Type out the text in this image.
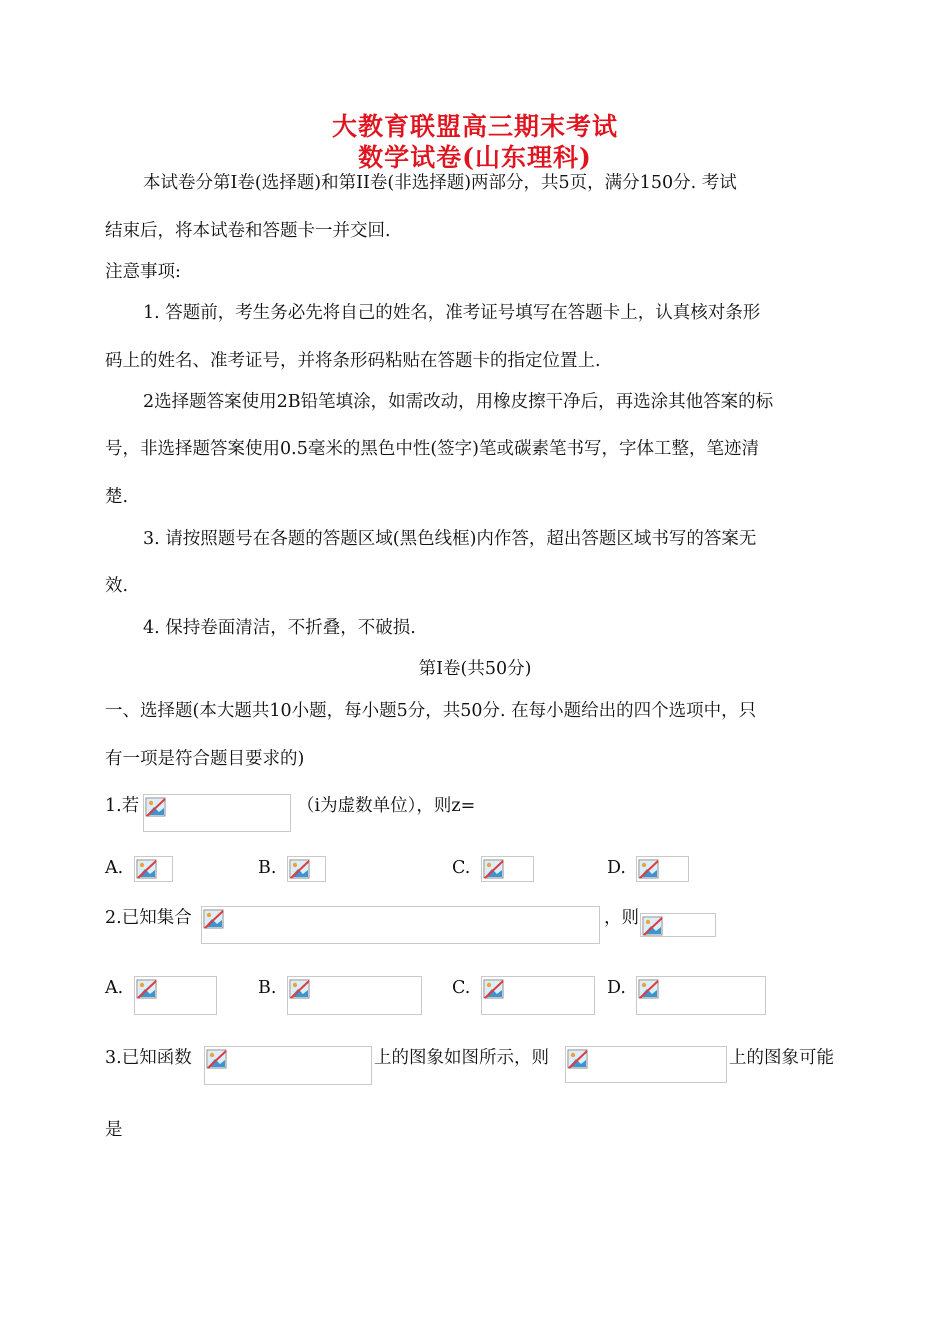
大教育联盟高三期末考试
数学试卷(山东理科)
本试卷分第Ⅰ卷(选择题)和第II卷(非选择题)两部分，共5页，满分150分. 考试
结束后，将本试卷和答题卡一并交回.
注意事项:
1. 答题前，考生务必先将自己的姓名，准考证号填写在答题卡上，认真核对条形
码上的姓名、准考证号，并将条形码粘贴在答题卡的指定位置上.
2选择题答案使用2B铅笔填涂，如需改动，用橡皮擦干净后，再选涂其他答案的标
号，非选择题答案使用0.5毫米的黑色中性(签字)笔或碳素笔书写，字体工整，笔迹清
楚.
3. 请按照题号在各题的答题区域(黑色线框)内作答，超出答题区域书写的答案无
效.
4. 保持卷面清洁，不折叠，不破损.
第Ⅰ卷(共50分)
一、选择题(本大题共10小题，每小题5分，共50分. 在每小题给出的四个选项中，只
有一项是符合题目要求的)
1.若	（i为虚数单位），则z=
A.	B.	C.	D.
2.已知集合	，则
A.	B.	C.	D.
3.已知函数	上的图象如图所示，则	上的图象可能
是
